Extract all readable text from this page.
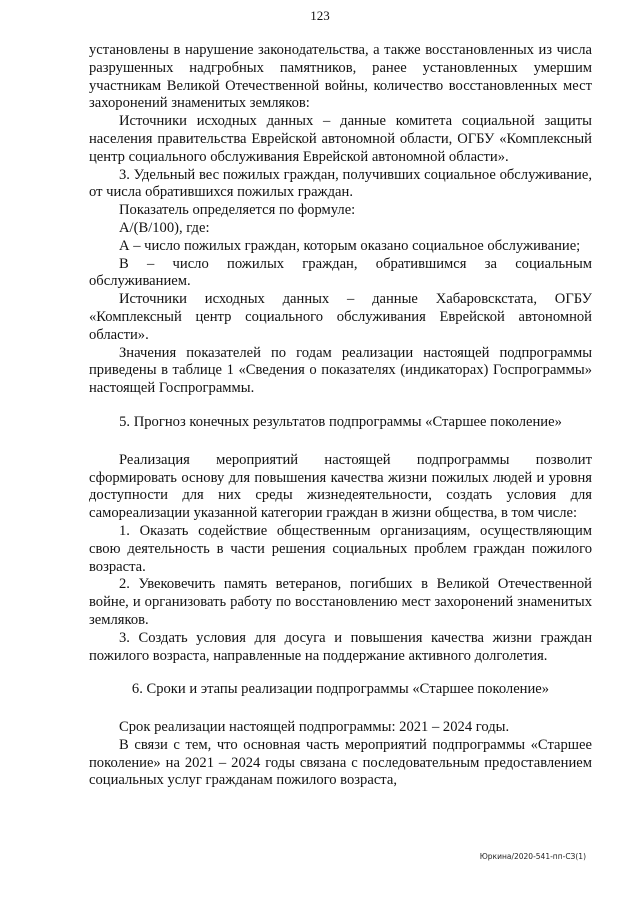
123

установлены в нарушение законодательства, а также восстановленных из числа разрушенных надгробных памятников, ранее установленных умершим участникам Великой Отечественной войны, количество восстановленных мест захоронений знаменитых земляков:

Источники исходных данных – данные комитета социальной защиты населения правительства Еврейской автономной области, ОГБУ «Комплексный центр социального обслуживания Еврейской автономной области».

3. Удельный вес пожилых граждан, получивших социальное обслуживание, от числа обратившихся пожилых граждан.

Показатель определяется по формуле:

А/(В/100), где:

А – число пожилых граждан, которым оказано социальное обслуживание;

В – число пожилых граждан, обратившимся за социальным обслуживанием.

Источники исходных данных – данные Хабаровскстата, ОГБУ «Комплексный центр социального обслуживания Еврейской автономной области».

Значения показателей по годам реализации настоящей подпрограммы приведены в таблице 1 «Сведения о показателях (индикаторах) Госпрограммы» настоящей Госпрограммы.

5. Прогноз конечных результатов подпрограммы «Старшее поколение»

Реализация мероприятий настоящей подпрограммы позволит сформировать основу для повышения качества жизни пожилых людей и уровня доступности для них среды жизнедеятельности, создать условия для самореализации указанной категории граждан в жизни общества, в том числе:

1. Оказать содействие общественным организациям, осуществляющим свою деятельность в части решения социальных проблем граждан пожилого возраста.

2. Увековечить память ветеранов, погибших в Великой Отечественной войне, и организовать работу по восстановлению мест захоронений знаменитых земляков.

3. Создать условия для досуга и повышения качества жизни граждан пожилого возраста, направленные на поддержание активного долголетия.

6. Сроки и этапы реализации подпрограммы «Старшее поколение»

Срок реализации настоящей подпрограммы: 2021 – 2024 годы.

В связи с тем, что основная часть мероприятий подпрограммы «Старшее поколение» на 2021 – 2024 годы связана с последовательным предоставлением социальных услуг гражданам пожилого возраста,

Юркина/2020-541-пп-СЗ(1)
